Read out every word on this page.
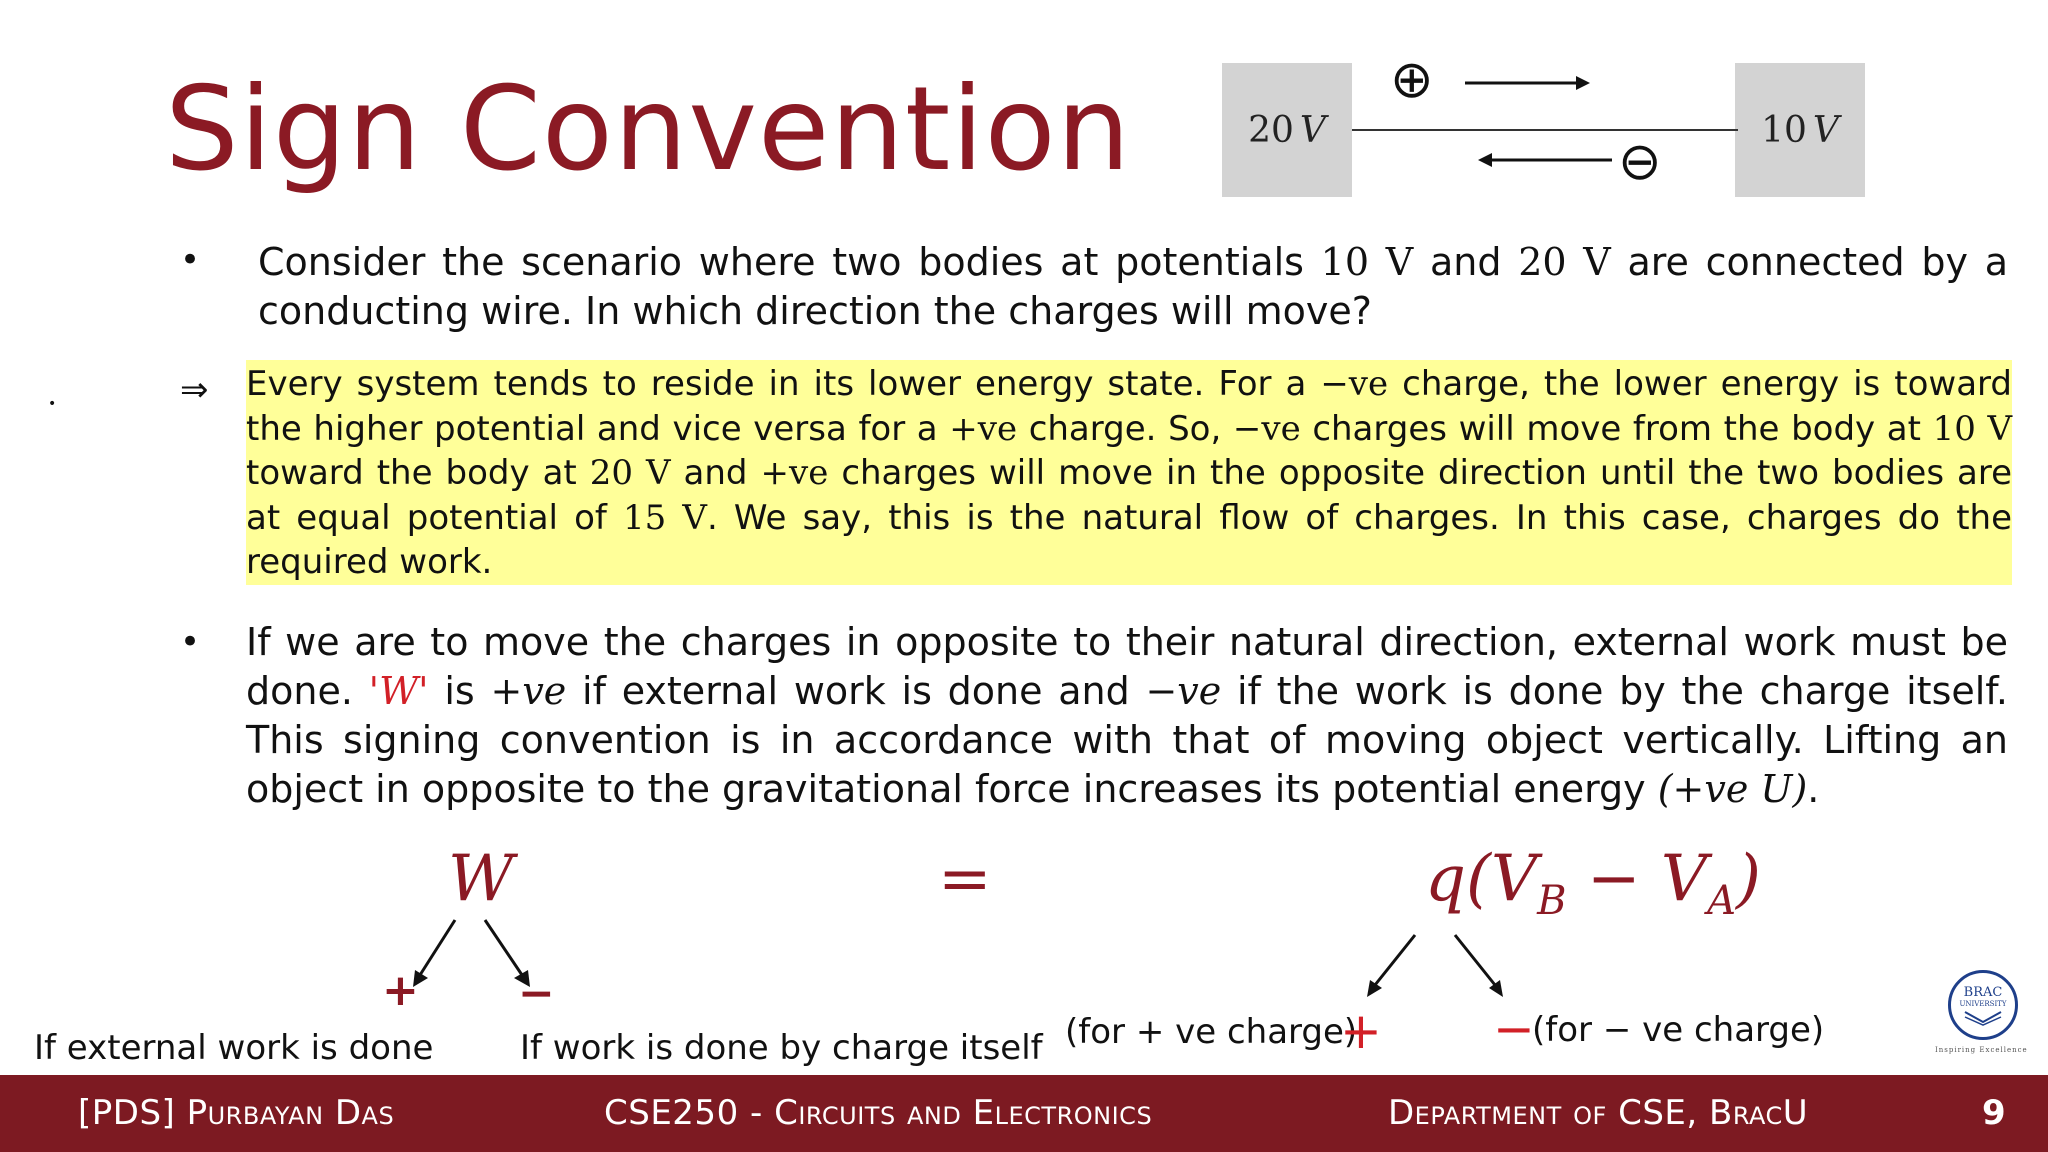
Sign Convention	20 V	10 V
⊕
⊖
• Consider the scenario where two bodies at potentials 10 V and 20 V are connected by a conducting wire. In which direction the charges will move?
•	⇒ Every system tends to reside in its lower energy state. For a −ve charge, the lower energy is toward the higher potential and vice versa for a +ve charge. So, −ve charges will move from the body at 10 V toward the body at 20 V and +ve charges will move in the opposite direction until the two bodies are at equal potential of 15 V. We say, this is the natural flow of charges. In this case, charges do the required work.
• If we are to move the charges in opposite to their natural direction, external work must be done. 'W' is +ve if external work is done and −ve if the work is done by the charge itself. This signing convention is in accordance with that of moving object vertically. Lifting an object in opposite to the gravitational force increases its potential energy (+ve U).
W	=	$q(V_B - V_A)$
+ −
If external work is done	If work is done by charge itself (for + ve charge)
+ −
(for − ve charge)
BRAC
UNIVERSITY
Inspiring Excellence
[PDS] Purbayan Das	CSE250 - Circuits and Electronics	Department of CSE, BracU	9
